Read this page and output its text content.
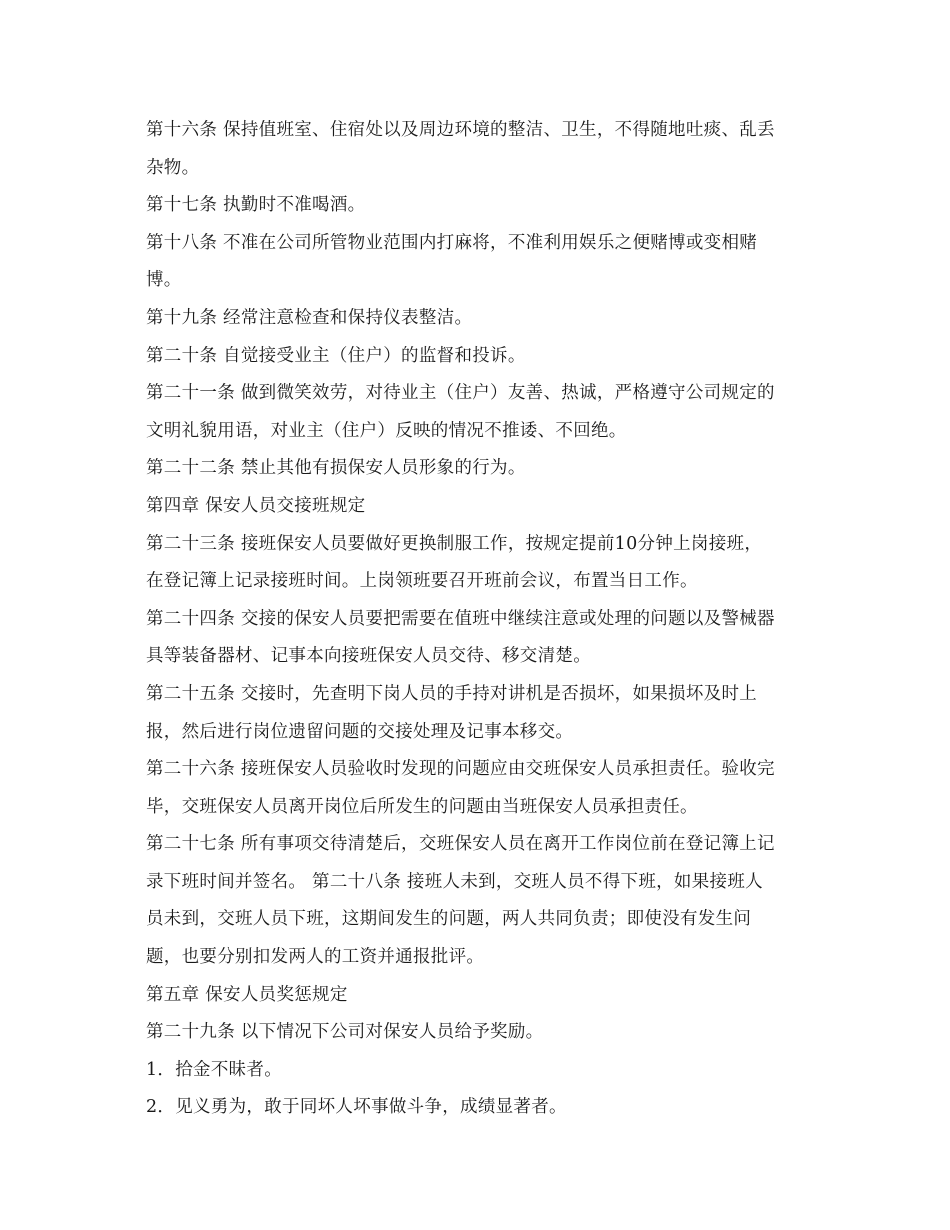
第十六条 保持值班室、住宿处以及周边环境的整洁、卫生，不得随地吐痰、乱丢
杂物。
第十七条 执勤时不准喝酒。
第十八条 不准在公司所管物业范围内打麻将，不准利用娱乐之便赌博或变相赌
博。
第十九条 经常注意检查和保持仪表整洁。
第二十条 自觉接受业主（住户）的监督和投诉。
第二十一条 做到微笑效劳，对待业主（住户）友善、热诚，严格遵守公司规定的
文明礼貌用语，对业主（住户）反映的情况不推诿、不回绝。
第二十二条 禁止其他有损保安人员形象的行为。
第四章 保安人员交接班规定
第二十三条 接班保安人员要做好更换制服工作，按规定提前10分钟上岗接班，
在登记簿上记录接班时间。上岗领班要召开班前会议，布置当日工作。
第二十四条 交接的保安人员要把需要在值班中继续注意或处理的问题以及警械器
具等装备器材、记事本向接班保安人员交待、移交清楚。
第二十五条 交接时，先查明下岗人员的手持对讲机是否损坏，如果损坏及时上
报，然后进行岗位遗留问题的交接处理及记事本移交。
第二十六条 接班保安人员验收时发现的问题应由交班保安人员承担责任。验收完
毕，交班保安人员离开岗位后所发生的问题由当班保安人员承担责任。
第二十七条 所有事项交待清楚后，交班保安人员在离开工作岗位前在登记簿上记
录下班时间并签名。 第二十八条 接班人未到，交班人员不得下班，如果接班人
员未到，交班人员下班，这期间发生的问题，两人共同负责；即使没有发生问
题，也要分别扣发两人的工资并通报批评。
第五章 保安人员奖惩规定
第二十九条 以下情况下公司对保安人员给予奖励。
1．拾金不昧者。
2．见义勇为，敢于同坏人坏事做斗争，成绩显著者。
